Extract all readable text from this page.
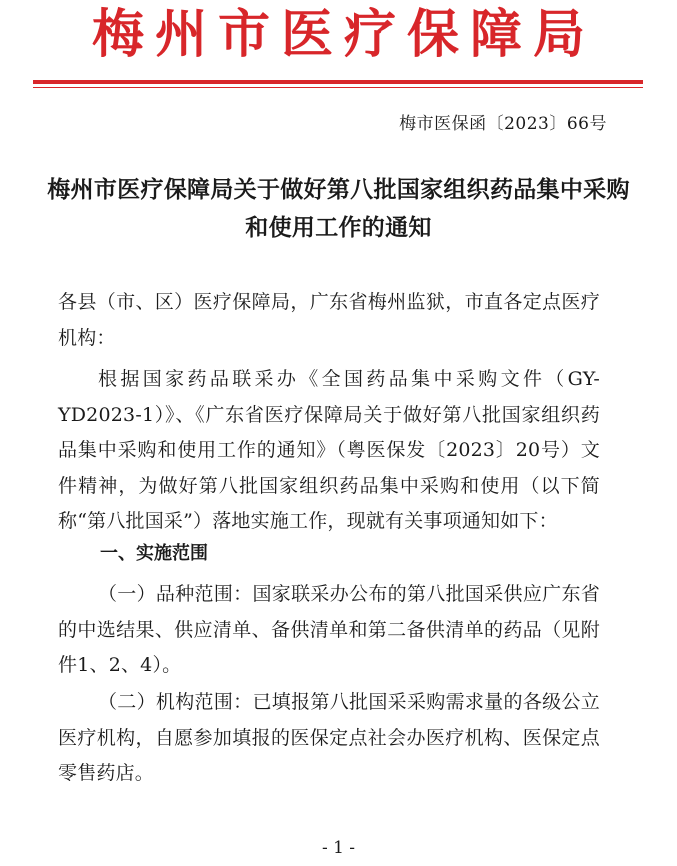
梅州市医疗保障局
梅市医保函〔2023〕66号
梅州市医疗保障局关于做好第八批国家组织药品集中采购和使用工作的通知
各县（市、区）医疗保障局，广东省梅州监狱，市直各定点医疗机构：
根据国家药品联采办《全国药品集中采购文件（GY-YD2023-1）》、《广东省医疗保障局关于做好第八批国家组织药品集中采购和使用工作的通知》（粤医保发〔2023〕20号）文件精神，为做好第八批国家组织药品集中采购和使用（以下简称“第八批国采”）落地实施工作，现就有关事项通知如下：
一、实施范围
（一）品种范围：国家联采办公布的第八批国采供应广东省的中选结果、供应清单、备供清单和第二备供清单的药品（见附件1、2、4）。
（二）机构范围：已填报第八批国采采购需求量的各级公立医疗机构，自愿参加填报的医保定点社会办医疗机构、医保定点零售药店。
- 1 -
